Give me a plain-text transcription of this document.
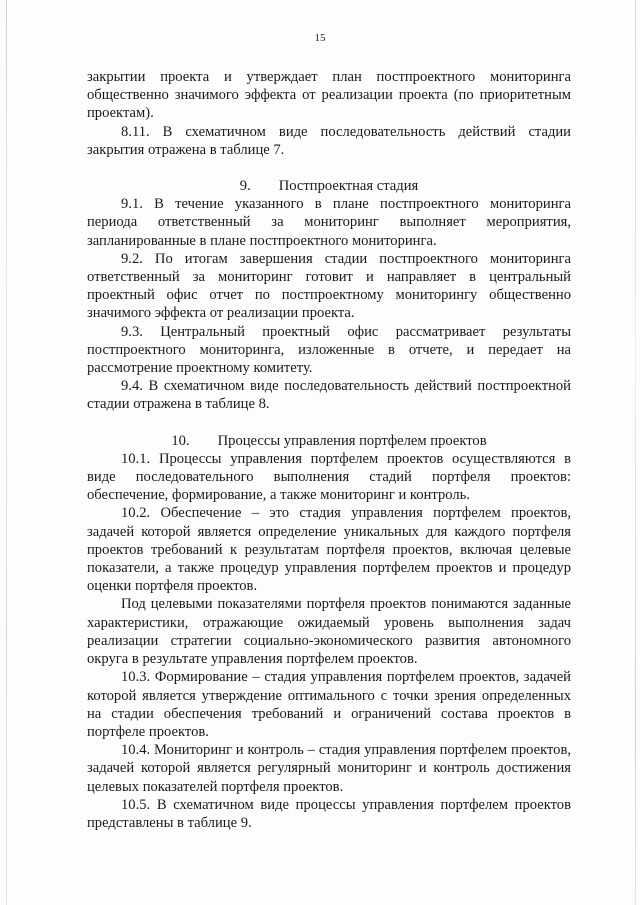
15

закрытии проекта и утверждает план постпроектного мониторинга общественно значимого эффекта от реализации проекта (по приоритетным проектам).

8.11. В схематичном виде последовательность действий стадии закрытия отражена в таблице 7.

9. Постпроектная стадия

9.1. В течение указанного в плане постпроектного мониторинга периода ответственный за мониторинг выполняет мероприятия, запланированные в плане постпроектного мониторинга.

9.2. По итогам завершения стадии постпроектного мониторинга ответственный за мониторинг готовит и направляет в центральный проектный офис отчет по постпроектному мониторингу общественно значимого эффекта от реализации проекта.

9.3. Центральный проектный офис рассматривает результаты постпроектного мониторинга, изложенные в отчете, и передает на рассмотрение проектному комитету.

9.4. В схематичном виде последовательность действий постпроектной стадии отражена в таблице 8.

10. Процессы управления портфелем проектов

10.1. Процессы управления портфелем проектов осуществляются в виде последовательного выполнения стадий портфеля проектов: обеспечение, формирование, а также мониторинг и контроль.

10.2. Обеспечение – это стадия управления портфелем проектов, задачей которой является определение уникальных для каждого портфеля проектов требований к результатам портфеля проектов, включая целевые показатели, а также процедур управления портфелем проектов и процедур оценки портфеля проектов.

Под целевыми показателями портфеля проектов понимаются заданные характеристики, отражающие ожидаемый уровень выполнения задач реализации стратегии социально-экономического развития автономного округа в результате управления портфелем проектов.

10.3. Формирование – стадия управления портфелем проектов, задачей которой является утверждение оптимального с точки зрения определенных на стадии обеспечения требований и ограничений состава проектов в портфеле проектов.

10.4. Мониторинг и контроль – стадия управления портфелем проектов, задачей которой является регулярный мониторинг и контроль достижения целевых показателей портфеля проектов.

10.5. В схематичном виде процессы управления портфелем проектов представлены в таблице 9.
